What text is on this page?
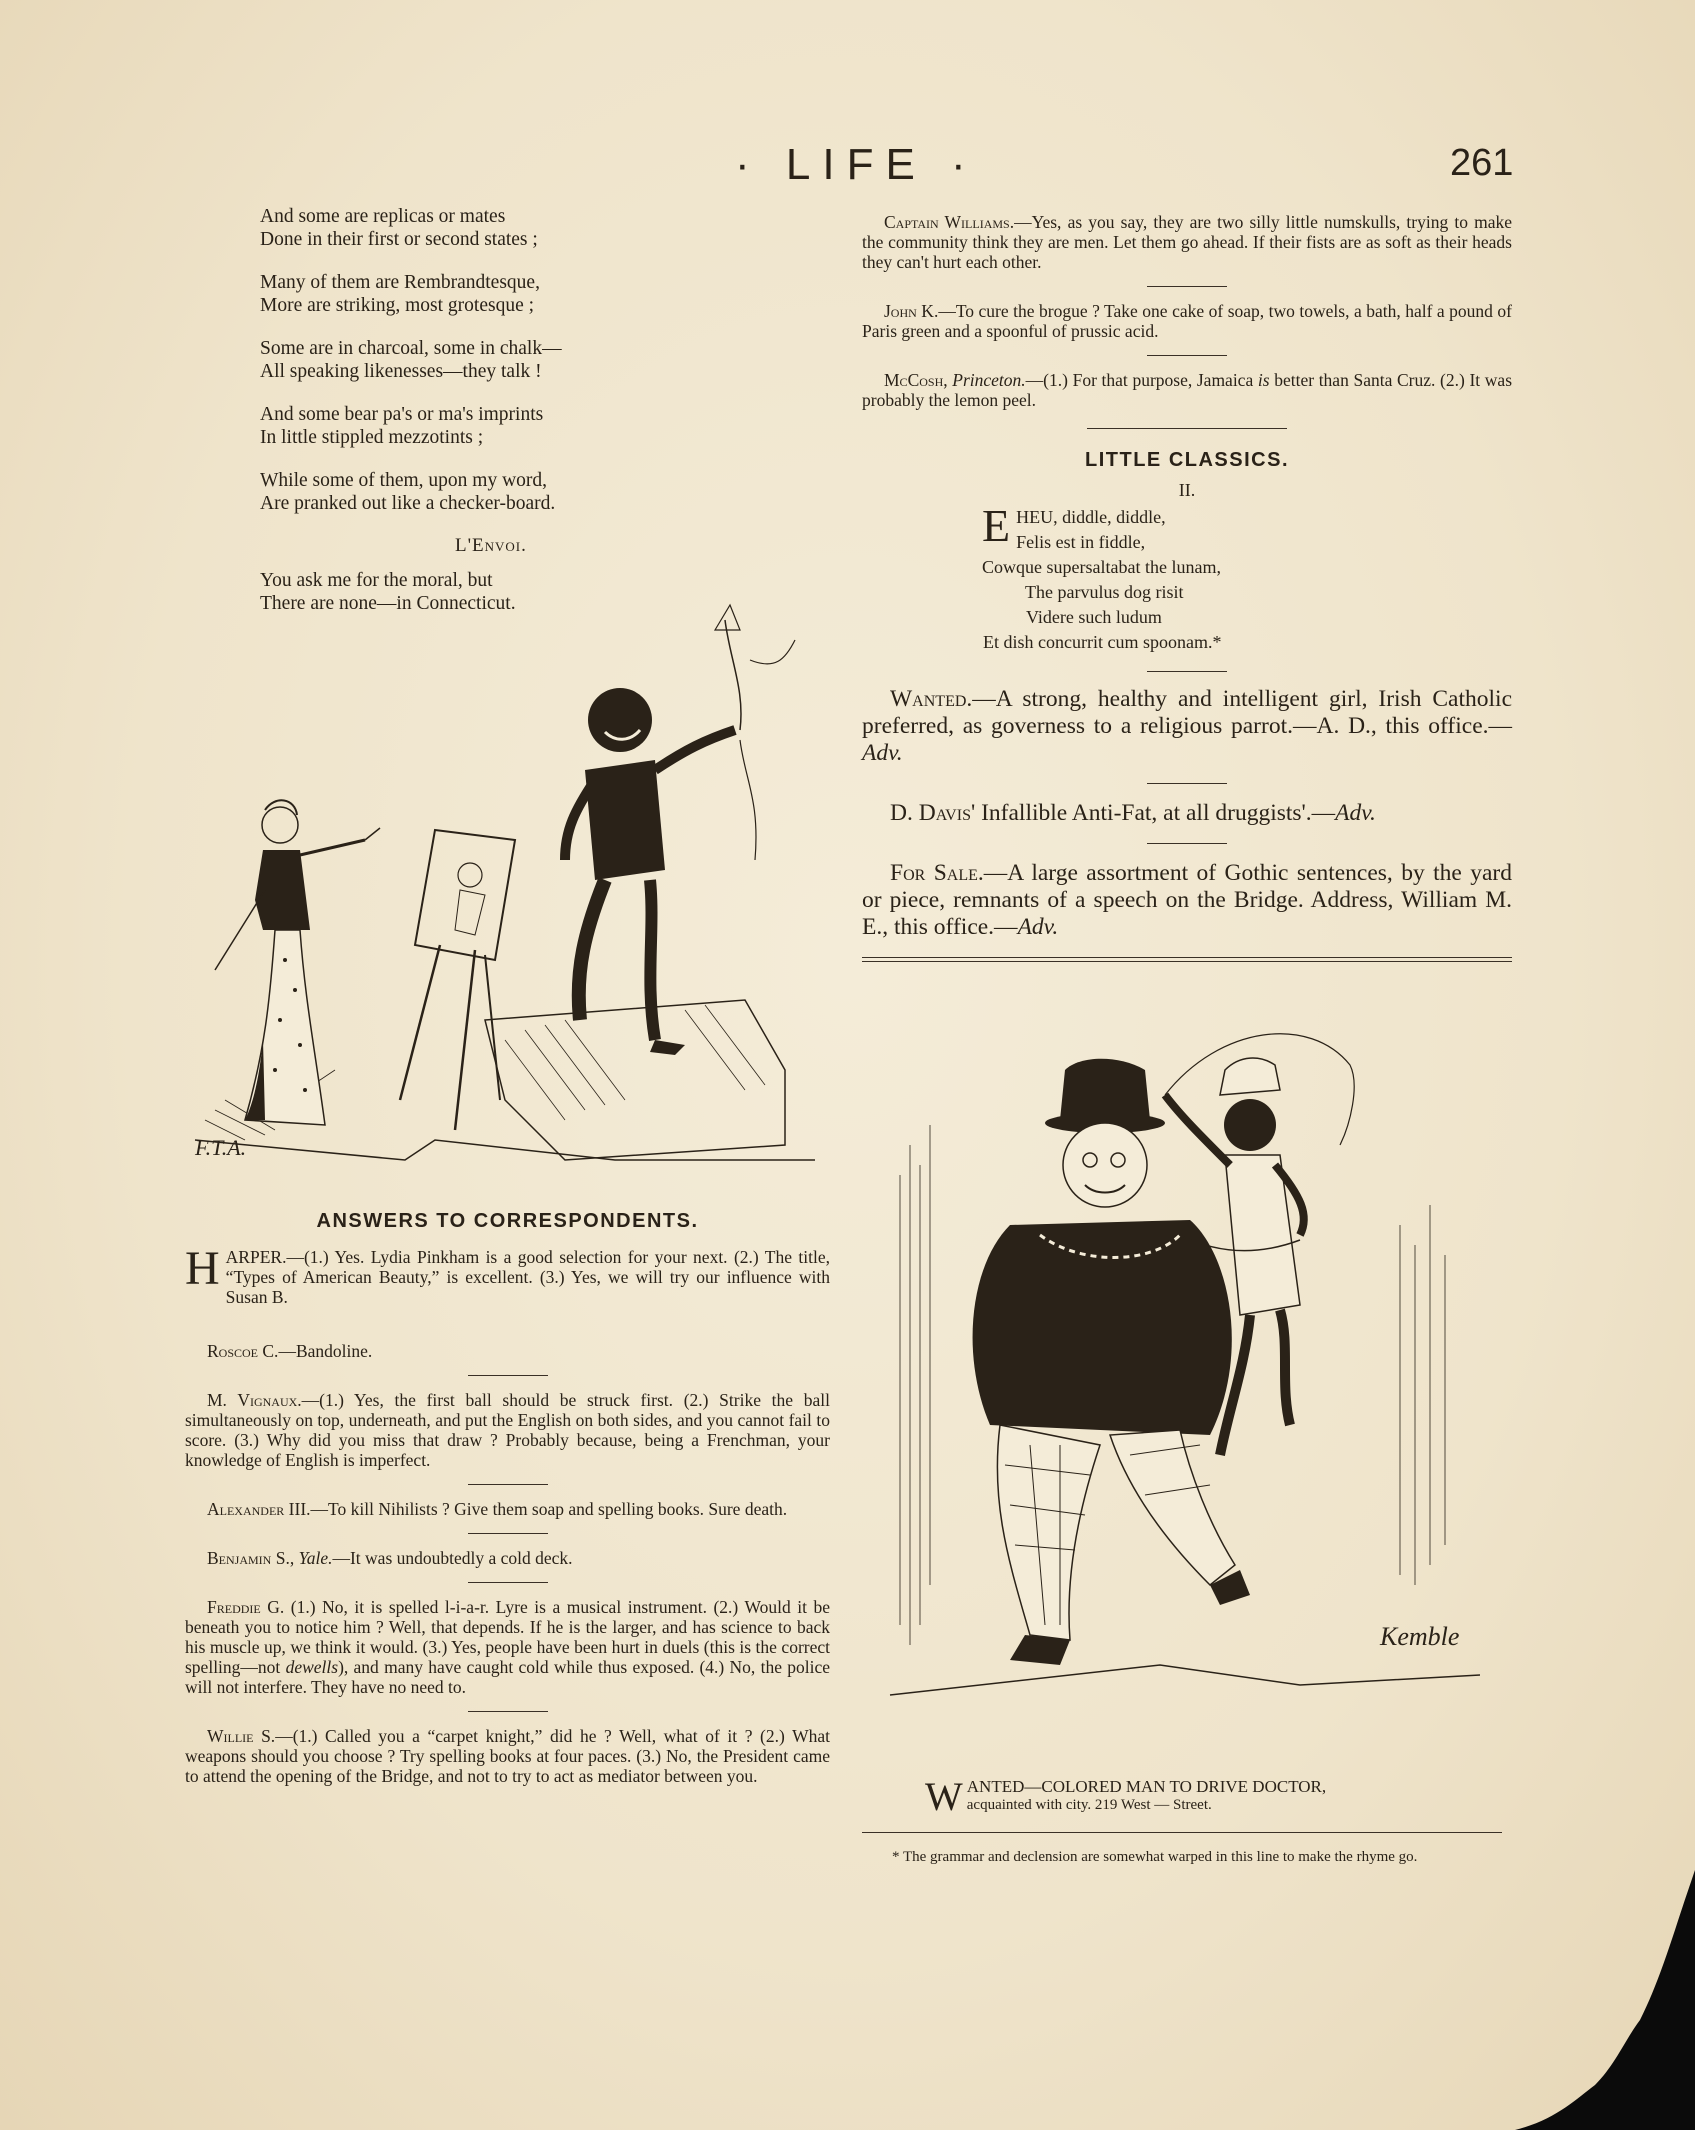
· LIFE ·	261
And some are replicas or mates
Done in their first or second states ;
Many of them are Rembrandtesque,
More are striking, most grotesque ;
Some are in charcoal, some in chalk—
All speaking likenesses—they talk !
And some bear pa's or ma's imprints
In little stippled mezzotints ;
While some of them, upon my word,
Are pranked out like a checker-board.
L'Envoi.
You ask me for the moral, but
There are none—in Connecticut.
F.T.A.
ANSWERS TO CORRESPONDENTS.
HARPER.—(1.) Yes. Lydia Pinkham is a good selection for your next. (2.) The title, “Types of American Beauty,” is excellent. (3.) Yes, we will try our influence with Susan B.
Roscoe C.—Bandoline.
M. Vignaux.—(1.) Yes, the first ball should be struck first. (2.) Strike the ball simultaneously on top, underneath, and put the English on both sides, and you cannot fail to score. (3.) Why did you miss that draw ? Probably because, being a Frenchman, your knowledge of English is imperfect.
Alexander III.—To kill Nihilists ? Give them soap and spelling books. Sure death.
Benjamin S., Yale.—It was undoubtedly a cold deck.
Freddie G. (1.) No, it is spelled l-i-a-r. Lyre is a musical instrument. (2.) Would it be beneath you to notice him ? Well, that depends. If he is the larger, and has science to back his muscle up, we think it would. (3.) Yes, people have been hurt in duels (this is the correct spelling—not dewells), and many have caught cold while thus exposed. (4.) No, the police will not interfere. They have no need to.
Willie S.—(1.) Called you a “carpet knight,” did he ? Well, what of it ? (2.) What weapons should you choose ? Try spelling books at four paces. (3.) No, the President came to attend the opening of the Bridge, and not to try to act as mediator between you.
Captain Williams.—Yes, as you say, they are two silly little numskulls, trying to make the community think they are men. Let them go ahead. If their fists are as soft as their heads they can't hurt each other.
John K.—To cure the brogue ? Take one cake of soap, two towels, a bath, half a pound of Paris green and a spoonful of prussic acid.
McCosh, Princeton.—(1.) For that purpose, Jamaica is better than Santa Cruz. (2.) It was probably the lemon peel.
LITTLE CLASSICS.
II.
EHEU, diddle, diddle,
Felis est in fiddle,
Cowque supersaltabat the lunam,
The parvulus dog risit
Videre such ludum
Et dish concurrit cum spoonam.*
Wanted.—A strong, healthy and intelligent girl, Irish Catholic preferred, as governess to a religious parrot.—A. D., this office.—Adv.
D. Davis' Infallible Anti-Fat, at all druggists'.—Adv.
For Sale.—A large assortment of Gothic sentences, by the yard or piece, remnants of a speech on the Bridge. Address, William M. E., this office.—Adv.
Kemble
W ANTED—COLORED MAN TO DRIVE DOCTOR,
acquainted with city. 219 West — Street.
* The grammar and declension are somewhat warped in this line to make the rhyme go.
